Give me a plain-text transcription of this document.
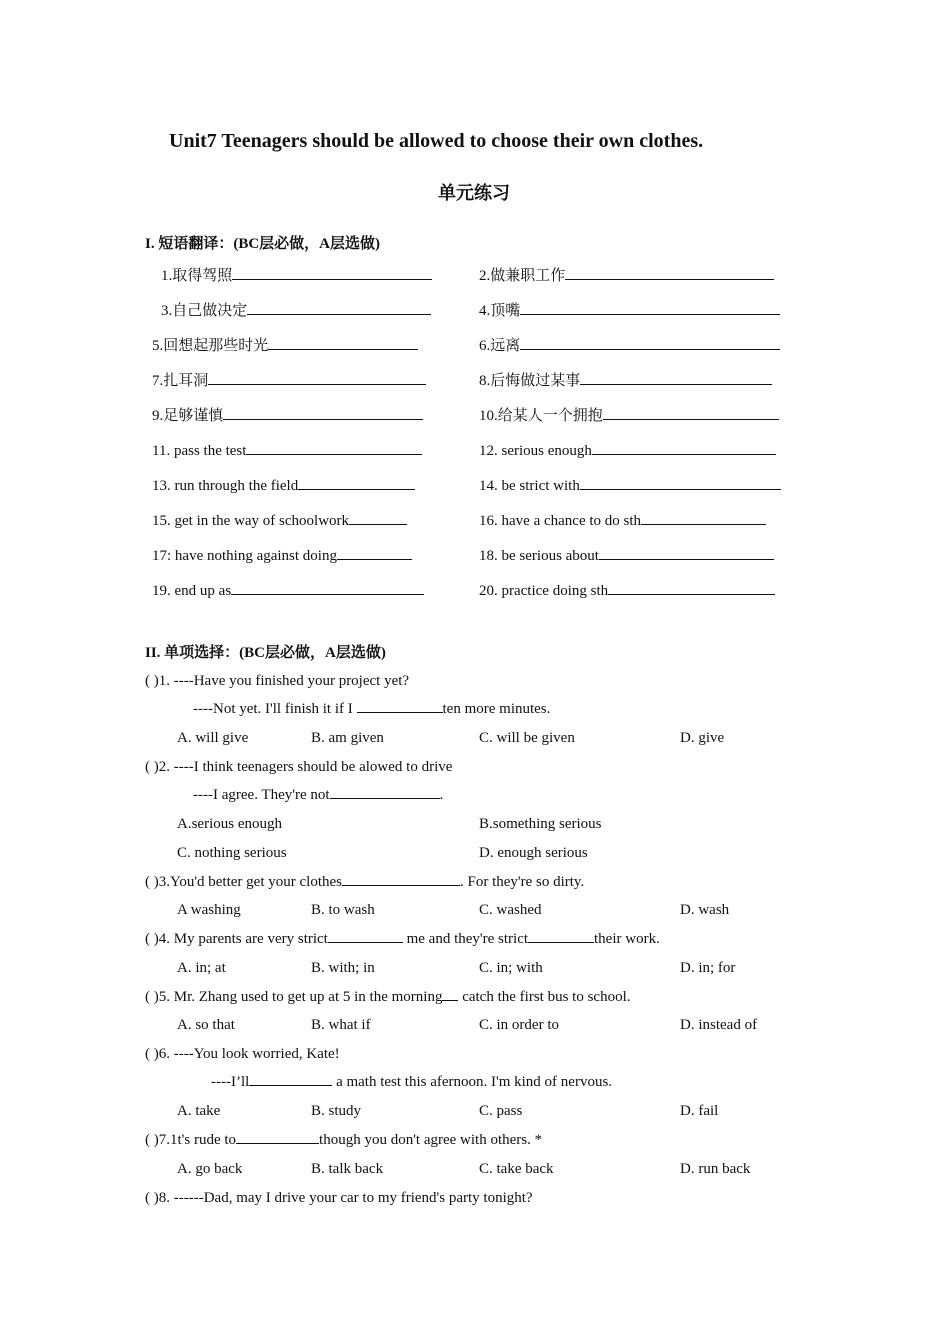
Unit7 Teenagers should be allowed to choose their own clothes.
单元练习
I. 短语翻译：(BC层必做，A层选做)
1.取得驾照	2.做兼职工作
3.自己做决定	4.顶嘴
5.回想起那些时光	6.远离
7.扎耳洞	8.后悔做过某事
9.足够谨慎	10.给某人一个拥抱
11. pass the test	12. serious enough
13. run through the field	14. be strict with
15. get in the way of schoolwork	16. have a chance to do sth
17: have nothing against doing	18. be serious about
19. end up as	20. practice doing sth
II. 单项选择：(BC层必做，A层选做)
( )1. ----Have you finished your project yet?
----Not yet. I'll finish it if I	ten more minutes.
A. will give	B. am given	C. will be given	D. give
( )2. ----I think teenagers should be alowed to drive
----I agree. They're not	.
A.serious enough	B.something serious
C. nothing serious	D. enough serious
( )3.You'd better get your clothes	. For they're so dirty.
A washing	B. to wash	C. washed	D. wash
( )4. My parents are very strict	me and they're strict	their work.
A. in; at	B. with; in	C. in; with	D. in; for
( )5. Mr. Zhang used to get up at 5 in the morning catch the first bus to school.
A. so that	B. what if	C. in order to	D. instead of
( )6. ----You look worried, Kate!
----I’ll	a math test this afernoon. I'm kind of nervous.
A. take	B. study	C. pass	D. fail
( )7.1t's rude to	though you don't agree with others. *
A. go back	B. talk back	C. take back	D. run back
( )8. ------Dad, may I drive your car to my friend's party tonight?
